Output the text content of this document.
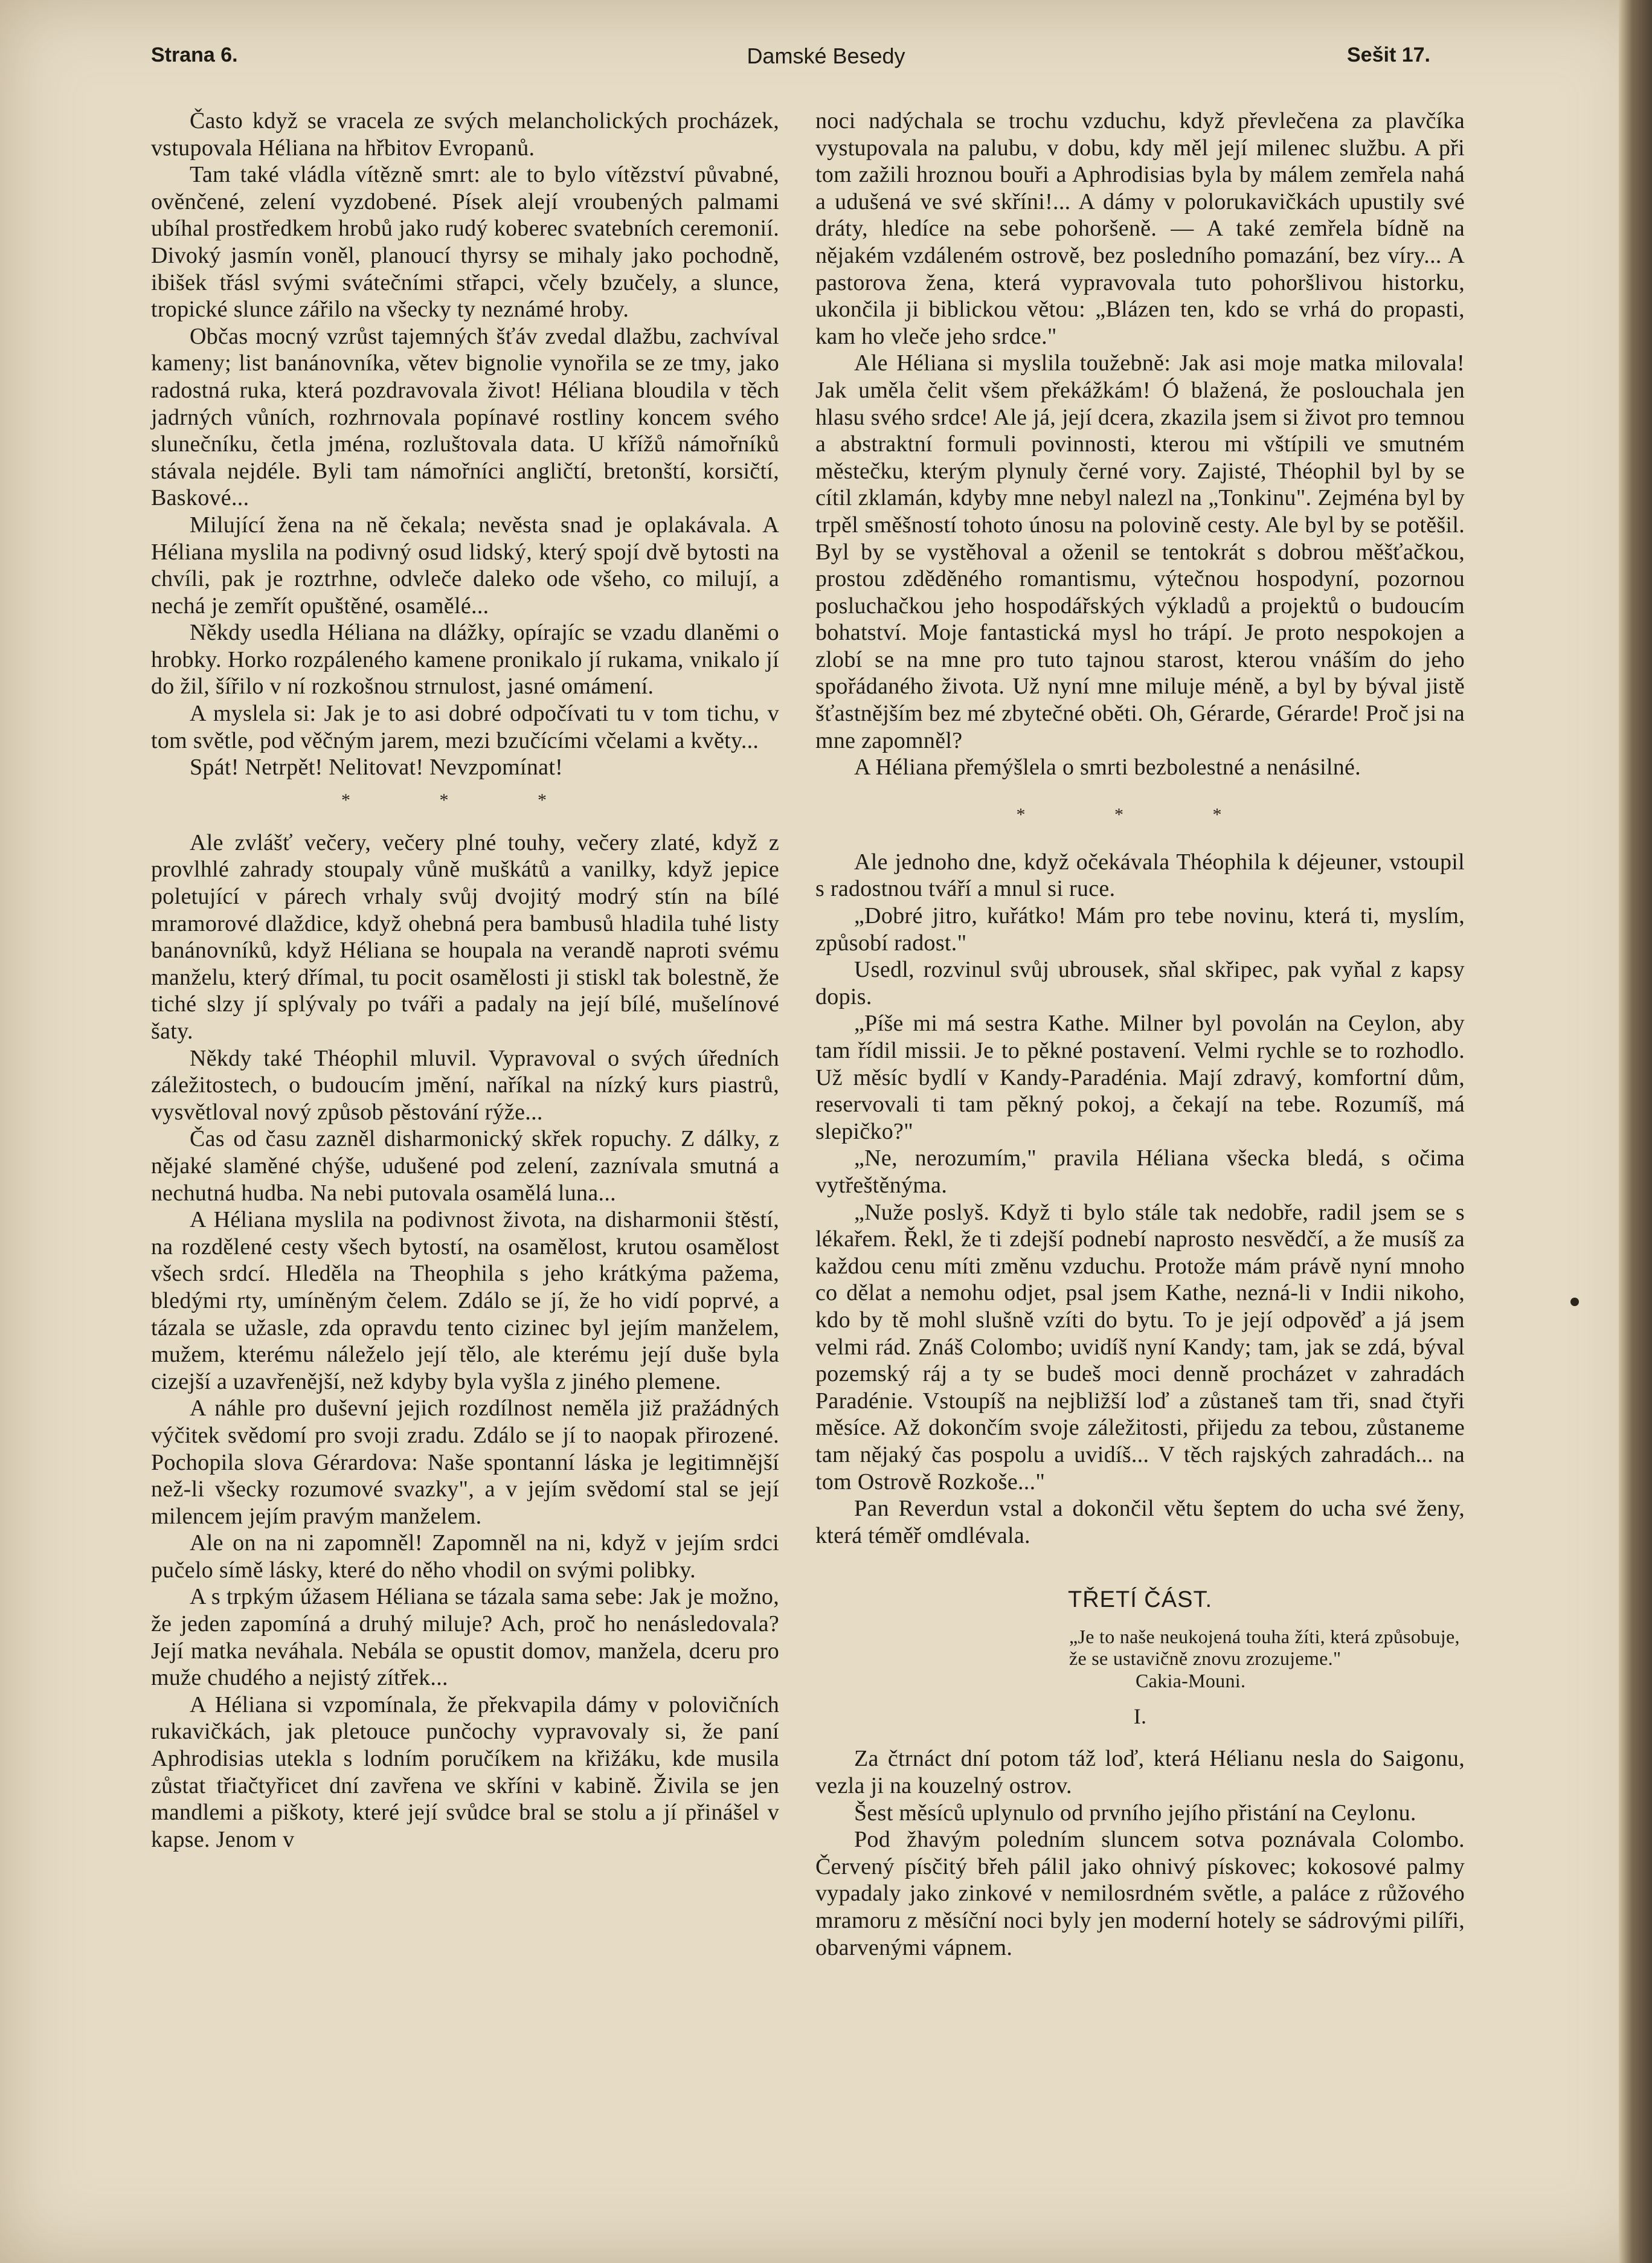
Strana 6.	Damské Besedy	Sešit 17.

Často když se vracela ze svých melancholických procházek, vstupovala Héliana na hřbitov Evropanů.

Tam také vládla vítězně smrt: ale to bylo vítězství půvabné, ověnčené, zelení vyzdobené. Písek alejí vroubených palmami ubíhal prostředkem hrobů jako rudý koberec svatebních ceremonií. Divoký jasmín voněl, planoucí thyrsy se mihaly jako pochodně, ibišek třásl svými svátečními střapci, včely bzučely, a slunce, tropické slunce zářilo na všecky ty neznámé hroby.

Občas mocný vzrůst tajemných šťáv zvedal dlažbu, zachvíval kameny; list banánovníka, větev bignolie vynořila se ze tmy, jako radostná ruka, která pozdravovala život! Héliana bloudila v těch jadrných vůních, rozhrnovala popínavé rostliny koncem svého slunečníku, četla jména, rozluštovala data. U křížů námořníků stávala nejdéle. Byli tam námořníci angličtí, bretonští, korsičtí, Baskové...

Milující žena na ně čekala; nevěsta snad je oplakávala. A Héliana myslila na podivný osud lidský, který spojí dvě bytosti na chvíli, pak je roztrhne, odvleče daleko ode všeho, co milují, a nechá je zemřít opuštěné, osamělé...

Někdy usedla Héliana na dlážky, opírajíc se vzadu dlaněmi o hrobky. Horko rozpáleného kamene pronikalo jí rukama, vnikalo jí do žil, šířilo v ní rozkošnou strnulost, jasné omámení.

A myslela si: Jak je to asi dobré odpočívati tu v tom tichu, v tom světle, pod věčným jarem, mezi bzučícími včelami a květy...

Spát! Netrpět! Nelitovat! Nevzpomínat!

* * *

Ale zvlášť večery, večery plné touhy, večery zlaté, když z provlhlé zahrady stoupaly vůně muškátů a vanilky, když jepice poletující v párech vrhaly svůj dvojitý modrý stín na bílé mramorové dlaždice, když ohebná pera bambusů hladila tuhé listy banánovníků, když Héliana se houpala na verandě naproti svému manželu, který dřímal, tu pocit osamělosti ji stiskl tak bolestně, že tiché slzy jí splývaly po tváři a padaly na její bílé, mušelínové šaty.

Někdy také Théophil mluvil. Vypravoval o svých úředních záležitostech, o budoucím jmění, naříkal na nízký kurs piastrů, vysvětloval nový způsob pěstování rýže...

Čas od času zazněl disharmonický skřek ropuchy. Z dálky, z nějaké slaměné chýše, udušené pod zelení, zaznívala smutná a nechutná hudba. Na nebi putovala osamělá luna...

A Héliana myslila na podivnost života, na disharmonii štěstí, na rozdělené cesty všech bytostí, na osamělost, krutou osamělost všech srdcí. Hleděla na Theophila s jeho krátkýma pažema, bledými rty, umíněným čelem. Zdálo se jí, že ho vidí poprvé, a tázala se užasle, zda opravdu tento cizinec byl jejím manželem, mužem, kterému náleželo její tělo, ale kterému její duše byla cizejší a uzavřenější, než kdyby byla vyšla z jiného plemene.

A náhle pro duševní jejich rozdílnost neměla již pražádných výčitek svědomí pro svoji zradu. Zdálo se jí to naopak přirozené. Pochopila slova Gérardova: Naše spontanní láska je legitimnější než-li všecky rozumové svazky", a v jejím svědomí stal se její milencem jejím pravým manželem.

Ale on na ni zapomněl! Zapomněl na ni, když v jejím srdci pučelo símě lásky, které do něho vhodil on svými polibky.

A s trpkým úžasem Héliana se tázala sama sebe: Jak je možno, že jeden zapomíná a druhý miluje? Ach, proč ho nenásledovala? Její matka neváhala. Nebála se opustit domov, manžela, dceru pro muže chudého a nejistý zítřek...

A Héliana si vzpomínala, že překvapila dámy v polovičních rukavičkách, jak pletouce punčochy vypravovaly si, že paní Aphrodisias utekla s lodním poručíkem na křižáku, kde musila zůstat třiačtyřicet dní zavřena ve skříni v kabině. Živila se jen mandlemi a piškoty, které její svůdce bral se stolu a jí přinášel v kapse. Jenom v

noci nadýchala se trochu vzduchu, když převlečena za plavčíka vystupovala na palubu, v dobu, kdy měl její milenec službu. A při tom zažili hroznou bouři a Aphrodisias byla by málem zemřela nahá a udušená ve své skříni!... A dámy v polorukavičkách upustily své dráty, hledíce na sebe pohoršeně. — A také zemřela bídně na nějakém vzdáleném ostrově, bez posledního pomazání, bez víry... A pastorova žena, která vypravovala tuto pohoršlivou historku, ukončila ji biblickou větou: „Blázen ten, kdo se vrhá do propasti, kam ho vleče jeho srdce."

Ale Héliana si myslila toužebně: Jak asi moje matka milovala! Jak uměla čelit všem překážkám! Ó blažená, že poslouchala jen hlasu svého srdce! Ale já, její dcera, zkazila jsem si život pro temnou a abstraktní formuli povinnosti, kterou mi vštípili ve smutném městečku, kterým plynuly černé vory. Zajisté, Théophil byl by se cítil zklamán, kdyby mne nebyl nalezl na „Tonkinu". Zejména byl by trpěl směšností tohoto únosu na polovině cesty. Ale byl by se potěšil. Byl by se vystěhoval a oženil se tentokrát s dobrou měšťačkou, prostou zděděného romantismu, výtečnou hospodyní, pozornou posluchačkou jeho hospodářských výkladů a projektů o budoucím bohatství. Moje fantastická mysl ho trápí. Je proto nespokojen a zlobí se na mne pro tuto tajnou starost, kterou vnáším do jeho spořádaného života. Už nyní mne miluje méně, a byl by býval jistě šťastnějším bez mé zbytečné oběti. Oh, Gérarde, Gérarde! Proč jsi na mne zapomněl?

A Héliana přemýšlela o smrti bezbolestné a nenásilné.

* * *

Ale jednoho dne, když očekávala Théophila k déjeuner, vstoupil s radostnou tváří a mnul si ruce.

„Dobré jitro, kuřátko! Mám pro tebe novinu, která ti, myslím, způsobí radost."

Usedl, rozvinul svůj ubrousek, sňal skřipec, pak vyňal z kapsy dopis.

„Píše mi má sestra Kathe. Milner byl povolán na Ceylon, aby tam řídil missii. Je to pěkné postavení. Velmi rychle se to rozhodlo. Už měsíc bydlí v Kandy-Paradénia. Mají zdravý, komfortní dům, reservovali ti tam pěkný pokoj, a čekají na tebe. Rozumíš, má slepičko?"

„Ne, nerozumím," pravila Héliana všecka bledá, s očima vytřeštěnýma.

„Nuže poslyš. Když ti bylo stále tak nedobře, radil jsem se s lékařem. Řekl, že ti zdejší podnebí naprosto nesvědčí, a že musíš za každou cenu míti změnu vzduchu. Protože mám právě nyní mnoho co dělat a nemohu odjet, psal jsem Kathe, nezná-li v Indii nikoho, kdo by tě mohl slušně vzíti do bytu. To je její odpověď a já jsem velmi rád. Znáš Colombo; uvidíš nyní Kandy; tam, jak se zdá, býval pozemský ráj a ty se budeš moci denně procházet v zahradách Paradénie. Vstoupíš na nejbližší loď a zůstaneš tam tři, snad čtyři měsíce. Až dokončím svoje záležitosti, přijedu za tebou, zůstaneme tam nějaký čas pospolu a uvidíš... V těch rajských zahradách... na tom Ostrově Rozkoše..."

Pan Reverdun vstal a dokončil větu šeptem do ucha své ženy, která téměř omdlévala.

TŘETÍ ČÁST.
„Je to naše neukojená touha žíti, která způsobuje, že se ustavičně znovu zrozujeme."
Cakia-Mouni.
I.

Za čtrnáct dní potom táž loď, která Hélianu nesla do Saigonu, vezla ji na kouzelný ostrov.

Šest měsíců uplynulo od prvního jejího přistání na Ceylonu.

Pod žhavým poledním sluncem sotva poznávala Colombo. Červený písčitý břeh pálil jako ohnivý pískovec; kokosové palmy vypadaly jako zinkové v nemilosrdném světle, a paláce z růžového mramoru z měsíční noci byly jen moderní hotely se sádrovými pilíři, obarvenými vápnem.
